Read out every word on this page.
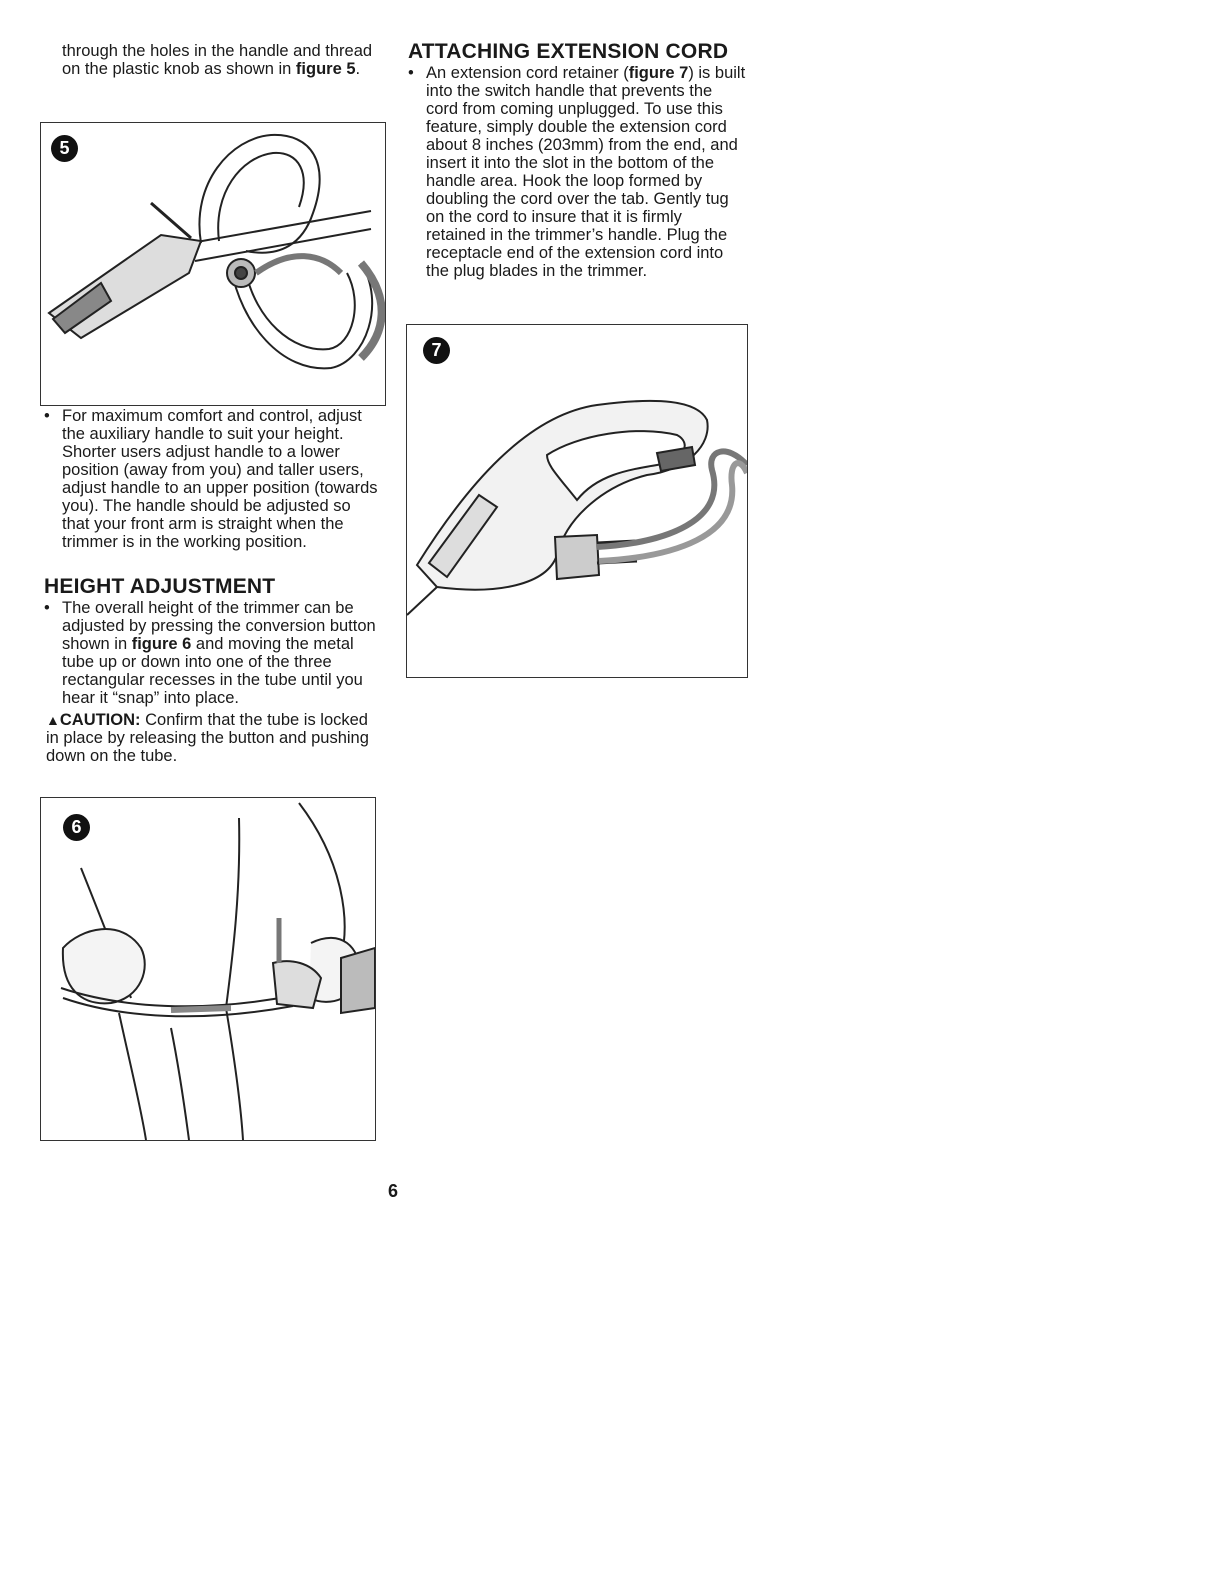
through the holes in the handle and thread on the plastic knob as shown in figure 5.
5
• For maximum comfort and control, adjust the auxiliary handle to suit your height. Shorter users adjust handle to a lower position (away from you) and taller users, adjust handle to an upper position (towards you). The handle should be adjusted so that your front arm is straight when the trimmer is in the working position.
HEIGHT ADJUSTMENT
• The overall height of the trimmer can be adjusted by pressing the conversion button shown in figure 6 and moving the metal tube up or down into one of the three rectangular recesses in the tube until you hear it “snap” into place.
▲CAUTION: Confirm that the tube is locked in place by releasing the button and pushing down on the tube.
6
ATTACHING EXTENSION CORD
• An extension cord retainer (figure 7) is built into the switch handle that prevents the cord from coming unplugged. To use this feature, simply double the extension cord about 8 inches (203mm) from the end, and insert it into the slot in the bottom of the handle area. Hook the loop formed by doubling the cord over the tab. Gently tug on the cord to insure that it is firmly retained in the trimmer’s handle. Plug the receptacle end of the extension cord into the plug blades in the trimmer.
7
6
